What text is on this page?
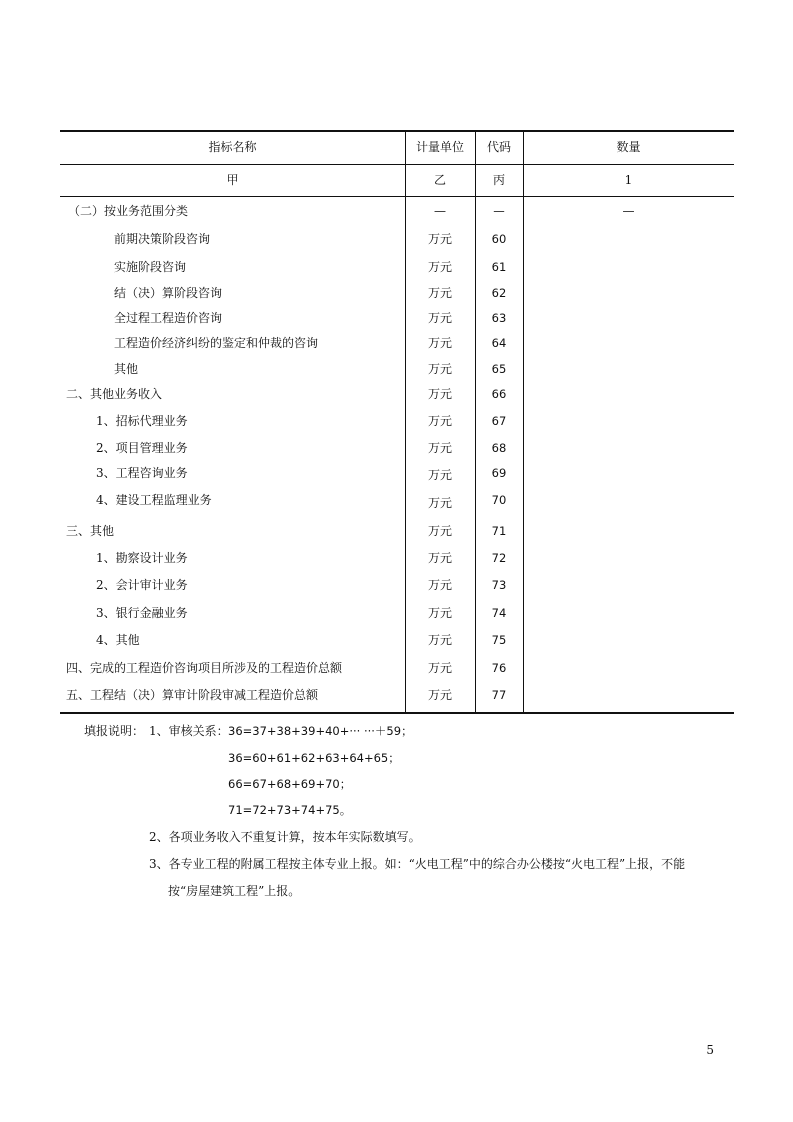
指标名称	计量单位	代码	数量
甲	乙	丙	1
（二）按业务范围分类	—	—	—
前期决策阶段咨询	万元	60
实施阶段咨询	万元	61
结（决）算阶段咨询	万元	62
全过程工程造价咨询	万元	63
工程造价经济纠纷的鉴定和仲裁的咨询	万元	64
其他	万元	65
二、其他业务收入	万元	66
1、招标代理业务	万元	67
2、项目管理业务	万元	68
3、工程咨询业务	万元	69
4、建设工程监理业务	万元	70
三、其他	万元	71
1、勘察设计业务	万元	72
2、会计审计业务	万元	73
3、银行金融业务	万元	74
4、其他	万元	75
四、完成的工程造价咨询项目所涉及的工程造价总额	万元	76
五、工程结（决）算审计阶段审减工程造价总额	万元	77
填报说明： 1、审核关系： 36=37+38+39+40+··· ···＋59；
36=60+61+62+63+64+65；
66=67+68+69+70；
71=72+73+74+75。
2、各项业务收入不重复计算，按本年实际数填写。
3、各专业工程的附属工程按主体专业上报。如：“火电工程”中的综合办公楼按“火电工程”上报，不能
按“房屋建筑工程”上报。
5
